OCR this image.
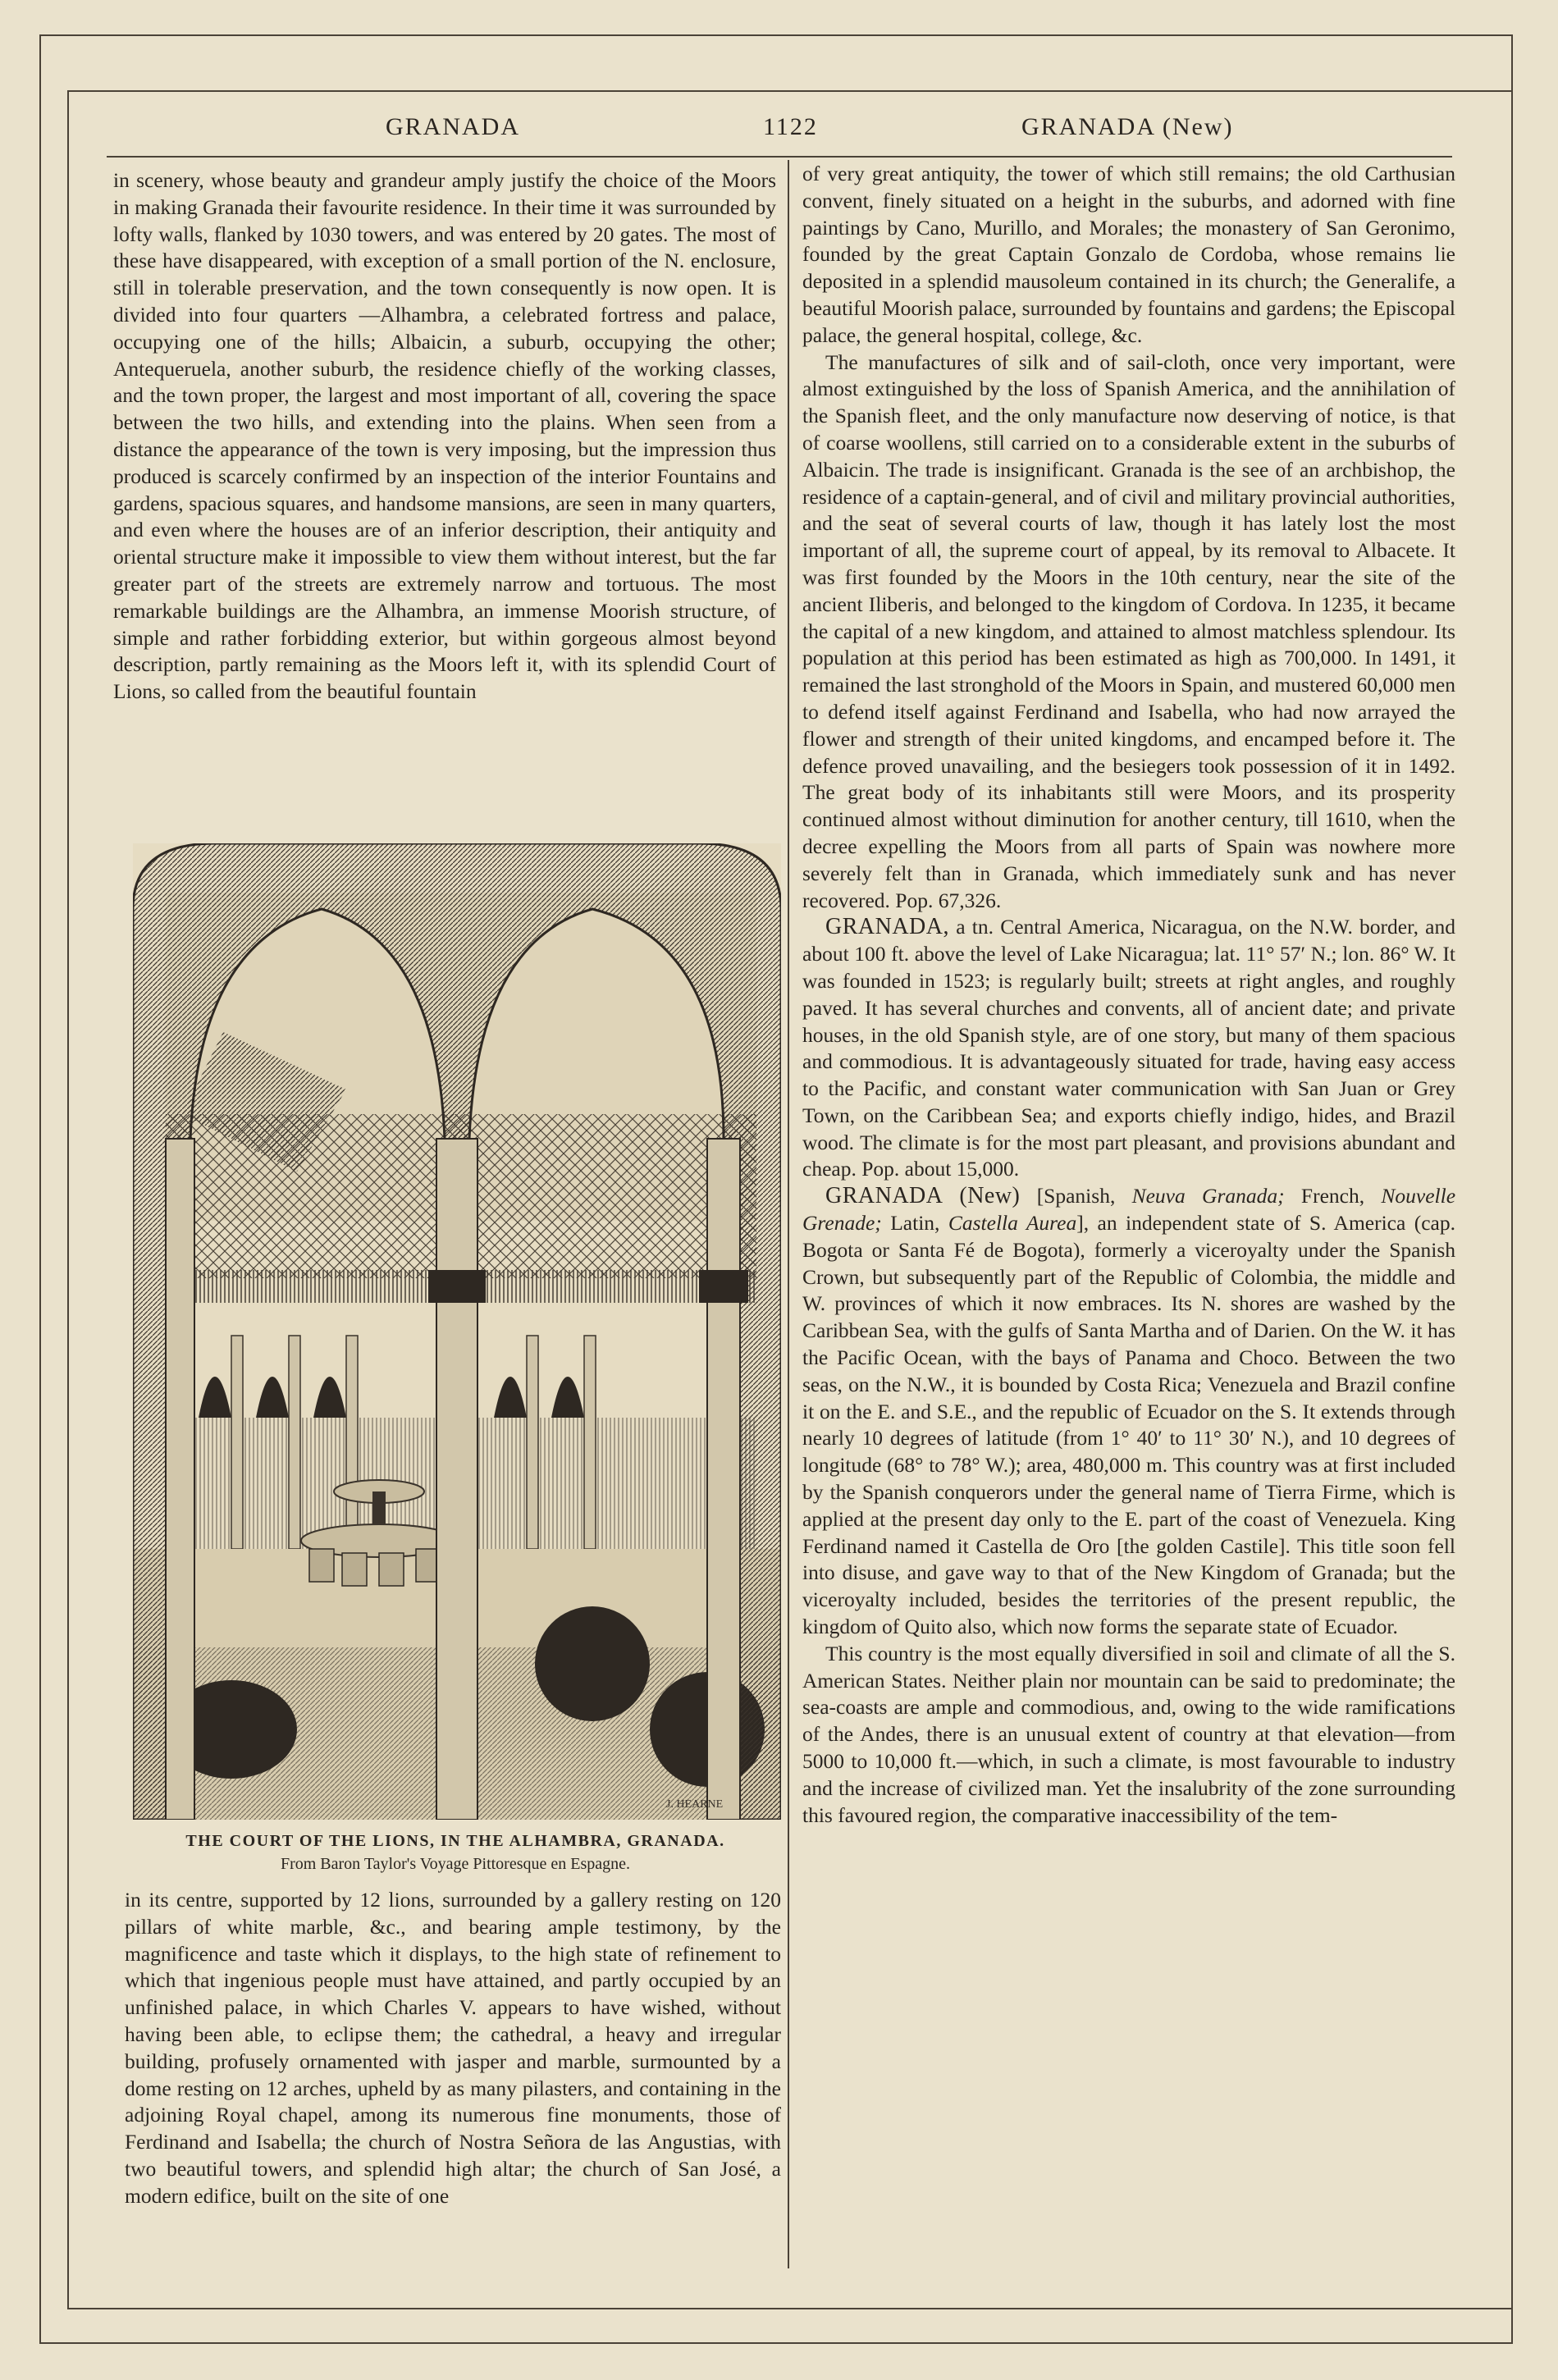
GRANADA	1122	GRANADA (New)

in scenery, whose beauty and grandeur amply justify the choice of the Moors in making Granada their favourite residence. In their time it was surrounded by lofty walls, flanked by 1030 towers, and was entered by 20 gates. The most of these have disappeared, with exception of a small portion of the N. enclosure, still in tolerable preservation, and the town consequently is now open. It is divided into four quarters —Alhambra, a celebrated fortress and palace, occupying one of the hills; Albaicin, a suburb, occupying the other; Antequeruela, another suburb, the residence chiefly of the working classes, and the town proper, the largest and most important of all, covering the space between the two hills, and extending into the plains. When seen from a distance the appearance of the town is very imposing, but the impression thus produced is scarcely confirmed by an inspection of the interior Fountains and gardens, spacious squares, and handsome mansions, are seen in many quarters, and even where the houses are of an inferior description, their antiquity and oriental structure make it impossible to view them without interest, but the far greater part of the streets are extremely narrow and tortuous. The most remarkable buildings are the Alhambra, an immense Moorish structure, of simple and rather forbidding exterior, but within gorgeous almost beyond description, partly remaining as the Moors left it, with its splendid Court of Lions, so called from the beautiful fountain

J. HEARNE
THE COURT OF THE LIONS, IN THE ALHAMBRA, GRANADA.
From Baron Taylor's Voyage Pittoresque en Espagne.

in its centre, supported by 12 lions, surrounded by a gallery resting on 120 pillars of white marble, &c., and bearing ample testimony, by the magnificence and taste which it displays, to the high state of refinement to which that ingenious people must have attained, and partly occupied by an unfinished palace, in which Charles V. appears to have wished, without having been able, to eclipse them; the cathedral, a heavy and irregular building, profusely ornamented with jasper and marble, surmounted by a dome resting on 12 arches, upheld by as many pilasters, and containing in the adjoining Royal chapel, among its numerous fine monuments, those of Ferdinand and Isabella; the church of Nostra Señora de las Angustias, with two beautiful towers, and splendid high altar; the church of San José, a modern edifice, built on the site of one

of very great antiquity, the tower of which still remains; the old Carthusian convent, finely situated on a height in the suburbs, and adorned with fine paintings by Cano, Murillo, and Morales; the monastery of San Geronimo, founded by the great Captain Gonzalo de Cordoba, whose remains lie deposited in a splendid mausoleum contained in its church; the Generalife, a beautiful Moorish palace, surrounded by fountains and gardens; the Episcopal palace, the general hospital, college, &c.

The manufactures of silk and of sail-cloth, once very important, were almost extinguished by the loss of Spanish America, and the annihilation of the Spanish fleet, and the only manufacture now deserving of notice, is that of coarse woollens, still carried on to a considerable extent in the suburbs of Albaicin. The trade is insignificant. Granada is the see of an archbishop, the residence of a captain-general, and of civil and military provincial authorities, and the seat of several courts of law, though it has lately lost the most important of all, the supreme court of appeal, by its removal to Albacete. It was first founded by the Moors in the 10th century, near the site of the ancient Iliberis, and belonged to the kingdom of Cordova. In 1235, it became the capital of a new kingdom, and attained to almost matchless splendour. Its population at this period has been estimated as high as 700,000. In 1491, it remained the last stronghold of the Moors in Spain, and mustered 60,000 men to defend itself against Ferdinand and Isabella, who had now arrayed the flower and strength of their united kingdoms, and encamped before it. The defence proved unavailing, and the besiegers took possession of it in 1492. The great body of its inhabitants still were Moors, and its prosperity continued almost without diminution for another century, till 1610, when the decree expelling the Moors from all parts of Spain was nowhere more severely felt than in Granada, which immediately sunk and has never recovered. Pop. 67,326.

GRANADA, a tn. Central America, Nicaragua, on the N.W. border, and about 100 ft. above the level of Lake Nicaragua; lat. 11° 57′ N.; lon. 86° W. It was founded in 1523; is regularly built; streets at right angles, and roughly paved. It has several churches and convents, all of ancient date; and private houses, in the old Spanish style, are of one story, but many of them spacious and commodious. It is advantageously situated for trade, having easy access to the Pacific, and constant water communication with San Juan or Grey Town, on the Caribbean Sea; and exports chiefly indigo, hides, and Brazil wood. The climate is for the most part pleasant, and provisions abundant and cheap. Pop. about 15,000.

GRANADA (New) [Spanish, Neuva Granada; French, Nouvelle Grenade; Latin, Castella Aurea], an independent state of S. America (cap. Bogota or Santa Fé de Bogota), formerly a viceroyalty under the Spanish Crown, but subsequently part of the Republic of Colombia, the middle and W. provinces of which it now embraces. Its N. shores are washed by the Caribbean Sea, with the gulfs of Santa Martha and of Darien. On the W. it has the Pacific Ocean, with the bays of Panama and Choco. Between the two seas, on the N.W., it is bounded by Costa Rica; Venezuela and Brazil confine it on the E. and S.E., and the republic of Ecuador on the S. It extends through nearly 10 degrees of latitude (from 1° 40′ to 11° 30′ N.), and 10 degrees of longitude (68° to 78° W.); area, 480,000 m. This country was at first included by the Spanish conquerors under the general name of Tierra Firme, which is applied at the present day only to the E. part of the coast of Venezuela. King Ferdinand named it Castella de Oro [the golden Castile]. This title soon fell into disuse, and gave way to that of the New Kingdom of Granada; but the viceroyalty included, besides the territories of the present republic, the kingdom of Quito also, which now forms the separate state of Ecuador.

This country is the most equally diversified in soil and climate of all the S. American States. Neither plain nor mountain can be said to predominate; the sea-coasts are ample and commodious, and, owing to the wide ramifications of the Andes, there is an unusual extent of country at that elevation—from 5000 to 10,000 ft.—which, in such a climate, is most favourable to industry and the increase of civilized man. Yet the insalubrity of the zone surrounding this favoured region, the comparative inaccessibility of the tem-
